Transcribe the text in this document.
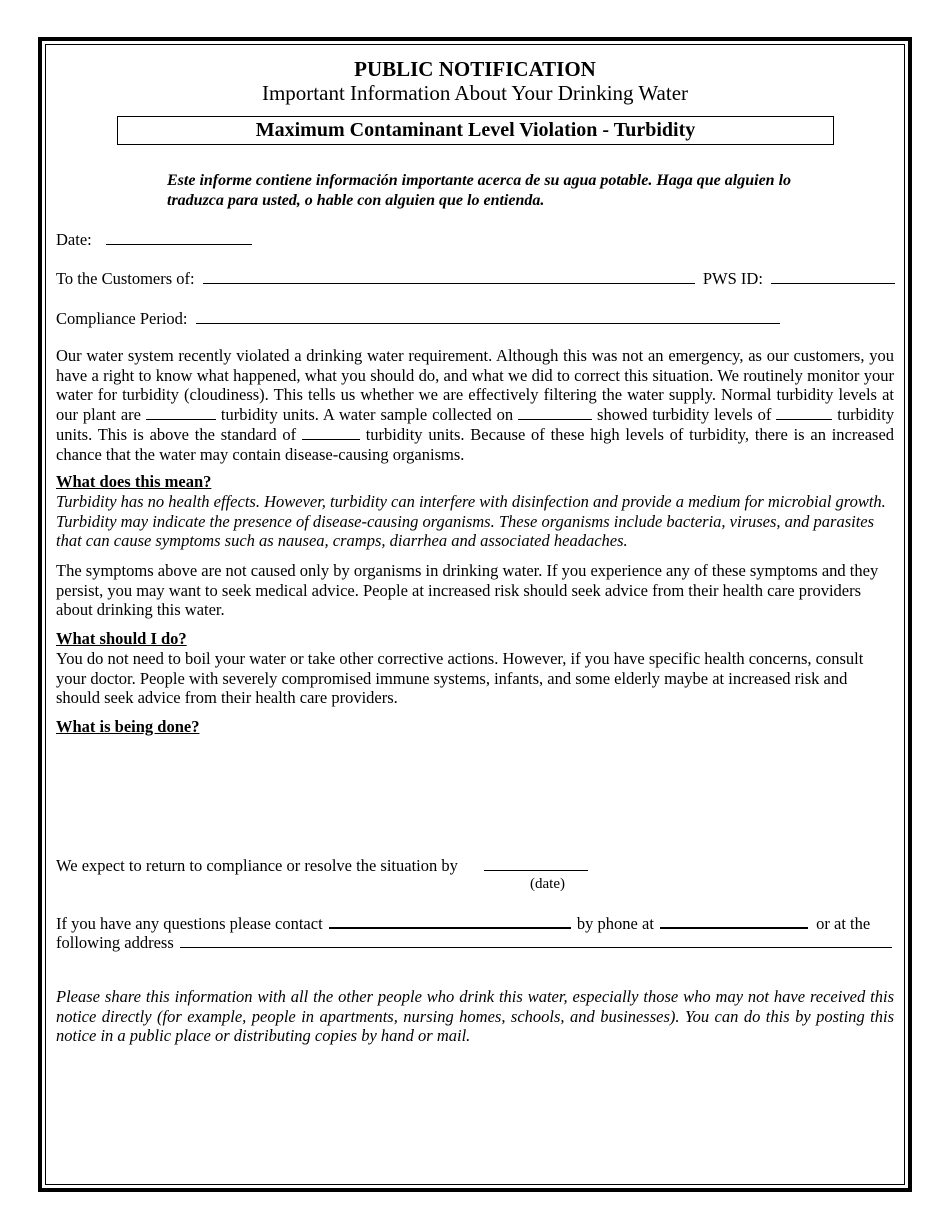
PUBLIC NOTIFICATION
Important Information About Your Drinking Water
Maximum Contaminant Level Violation - Turbidity
Este informe contiene información importante acerca de su agua potable. Haga que alguien lo traduzca para usted, o hable con alguien que lo entienda.
Date:
To the Customers of:	PWS ID:
Compliance Period:
Our water system recently violated a drinking water requirement. Although this was not an emergency, as our customers, you have a right to know what happened, what you should do, and what we did to correct this situation. We routinely monitor your water for turbidity (cloudiness). This tells us whether we are effectively filtering the water supply. Normal turbidity levels at our plant are	turbidity units. A water sample collected on	showed turbidity levels of	turbidity units. This is above the standard of	turbidity units. Because of these high levels of turbidity, there is an increased chance that the water may contain disease-causing organisms.
What does this mean?
Turbidity has no health effects. However, turbidity can interfere with disinfection and provide a medium for microbial growth. Turbidity may indicate the presence of disease-causing organisms. These organisms include bacteria, viruses, and parasites that can cause symptoms such as nausea, cramps, diarrhea and associated headaches.
The symptoms above are not caused only by organisms in drinking water. If you experience any of these symptoms and they persist, you may want to seek medical advice. People at increased risk should seek advice from their health care providers about drinking this water.
What should I do?
You do not need to boil your water or take other corrective actions. However, if you have specific health concerns, consult your doctor. People with severely compromised immune systems, infants, and some elderly maybe at increased risk and should seek advice from their health care providers.
What is being done?
We expect to return to compliance or resolve the situation by
(date)
If you have any questions please contact	by phone at	or at the
following address
Please share this information with all the other people who drink this water, especially those who may not have received this notice directly (for example, people in apartments, nursing homes, schools, and businesses). You can do this by posting this notice in a public place or distributing copies by hand or mail.
